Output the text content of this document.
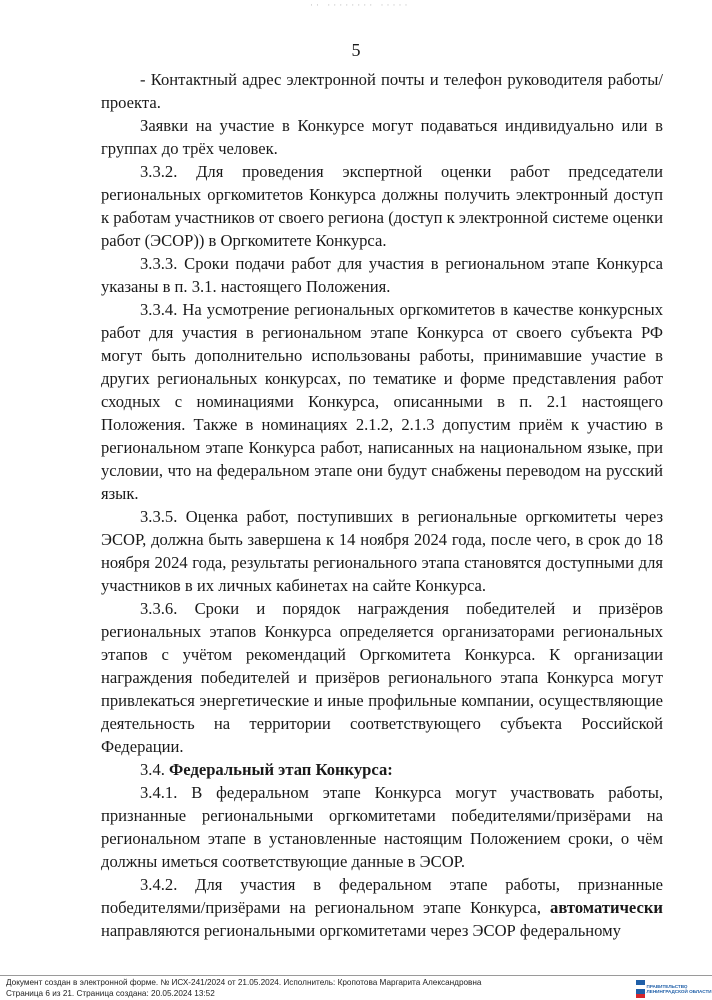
·· ········ ·····
5

- Контактный адрес электронной почты и телефон руководителя работы/проекта.

Заявки на участие в Конкурсе могут подаваться индивидуально или в группах до трёх человек.

3.3.2. Для проведения экспертной оценки работ председатели региональных оргкомитетов Конкурса должны получить электронный доступ к работам участников от своего региона (доступ к электронной системе оценки работ (ЭСОР)) в Оргкомитете Конкурса.

3.3.3. Сроки подачи работ для участия в региональном этапе Конкурса указаны в п. 3.1. настоящего Положения.

3.3.4. На усмотрение региональных оргкомитетов в качестве конкурсных работ для участия в региональном этапе Конкурса от своего субъекта РФ могут быть дополнительно использованы работы, принимавшие участие в других региональных конкурсах, по тематике и форме представления работ сходных с номинациями Конкурса, описанными в п. 2.1 настоящего Положения. Также в номинациях 2.1.2, 2.1.3 допустим приём к участию в региональном этапе Конкурса работ, написанных на национальном языке, при условии, что на федеральном этапе они будут снабжены переводом на русский язык.

3.3.5. Оценка работ, поступивших в региональные оргкомитеты через ЭСОР, должна быть завершена к 14 ноября 2024 года, после чего, в срок до 18 ноября 2024 года, результаты регионального этапа становятся доступными для участников в их личных кабинетах на сайте Конкурса.

3.3.6. Сроки и порядок награждения победителей и призёров региональных этапов Конкурса определяется организаторами региональных этапов с учётом рекомендаций Оргкомитета Конкурса. К организации награждения победителей и призёров регионального этапа Конкурса могут привлекаться энергетические и иные профильные компании, осуществляющие деятельность на территории соответствующего субъекта Российской Федерации.

3.4. Федеральный этап Конкурса:

3.4.1. В федеральном этапе Конкурса могут участвовать работы, признанные региональными оргкомитетами победителями/призёрами на региональном этапе в установленные настоящим Положением сроки, о чём должны иметься соответствующие данные в ЭСОР.

3.4.2. Для участия в федеральном этапе работы, признанные победителями/призёрами на региональном этапе Конкурса, автоматически направляются региональными оргкомитетами через ЭСОР федеральному

Документ создан в электронной форме. № ИСХ-241/2024 от 21.05.2024. Исполнитель: Кропотова Маргарита Александровна
Страница 6 из 21. Страница создана: 20.05.2024 13:52
ПРАВИТЕЛЬСТВО ЛЕНИНГРАДСКОЙ ОБЛАСТИ
